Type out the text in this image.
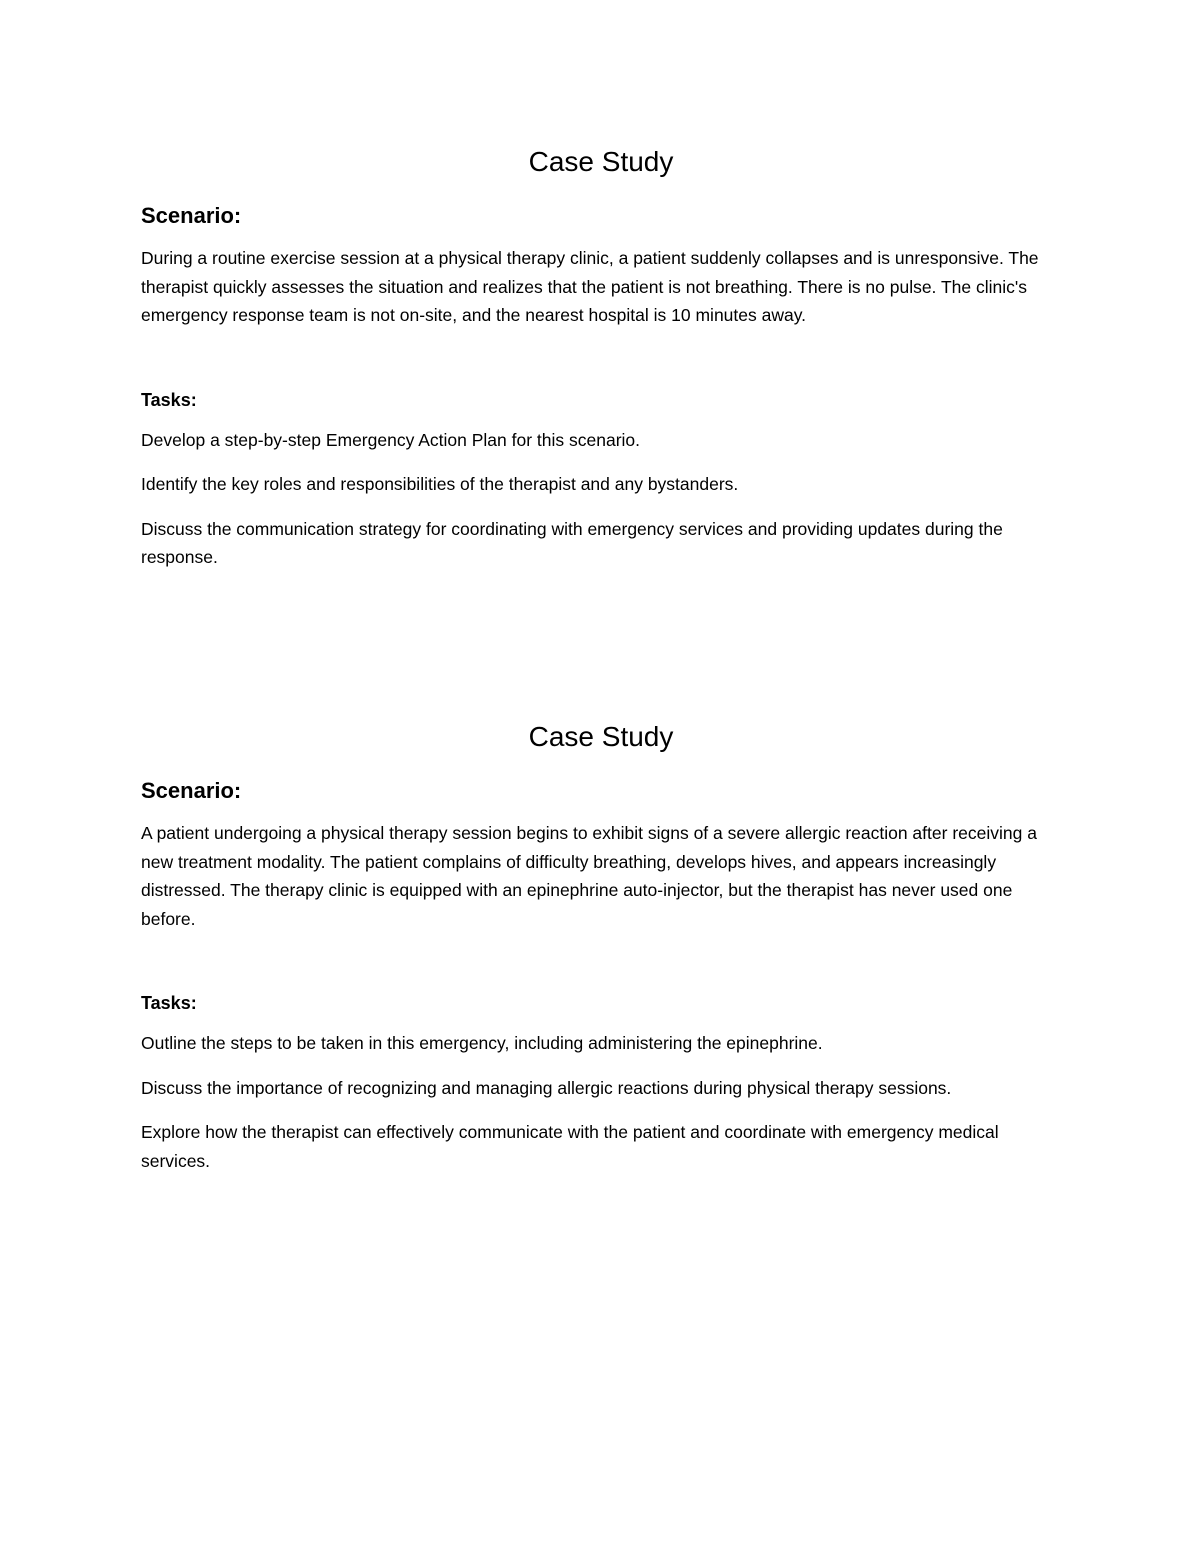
Case Study
Scenario:

During a routine exercise session at a physical therapy clinic, a patient suddenly collapses and is unresponsive. The therapist quickly assesses the situation and realizes that the patient is not breathing. There is no pulse. The clinic's emergency response team is not on-site, and the nearest hospital is 10 minutes away.

Tasks:

Develop a step-by-step Emergency Action Plan for this scenario.

Identify the key roles and responsibilities of the therapist and any bystanders.

Discuss the communication strategy for coordinating with emergency services and providing updates during the response.

Case Study
Scenario:

A patient undergoing a physical therapy session begins to exhibit signs of a severe allergic reaction after receiving a new treatment modality. The patient complains of difficulty breathing, develops hives, and appears increasingly distressed. The therapy clinic is equipped with an epinephrine auto-injector, but the therapist has never used one before.

Tasks:

Outline the steps to be taken in this emergency, including administering the epinephrine.

Discuss the importance of recognizing and managing allergic reactions during physical therapy sessions.

Explore how the therapist can effectively communicate with the patient and coordinate with emergency medical services.
